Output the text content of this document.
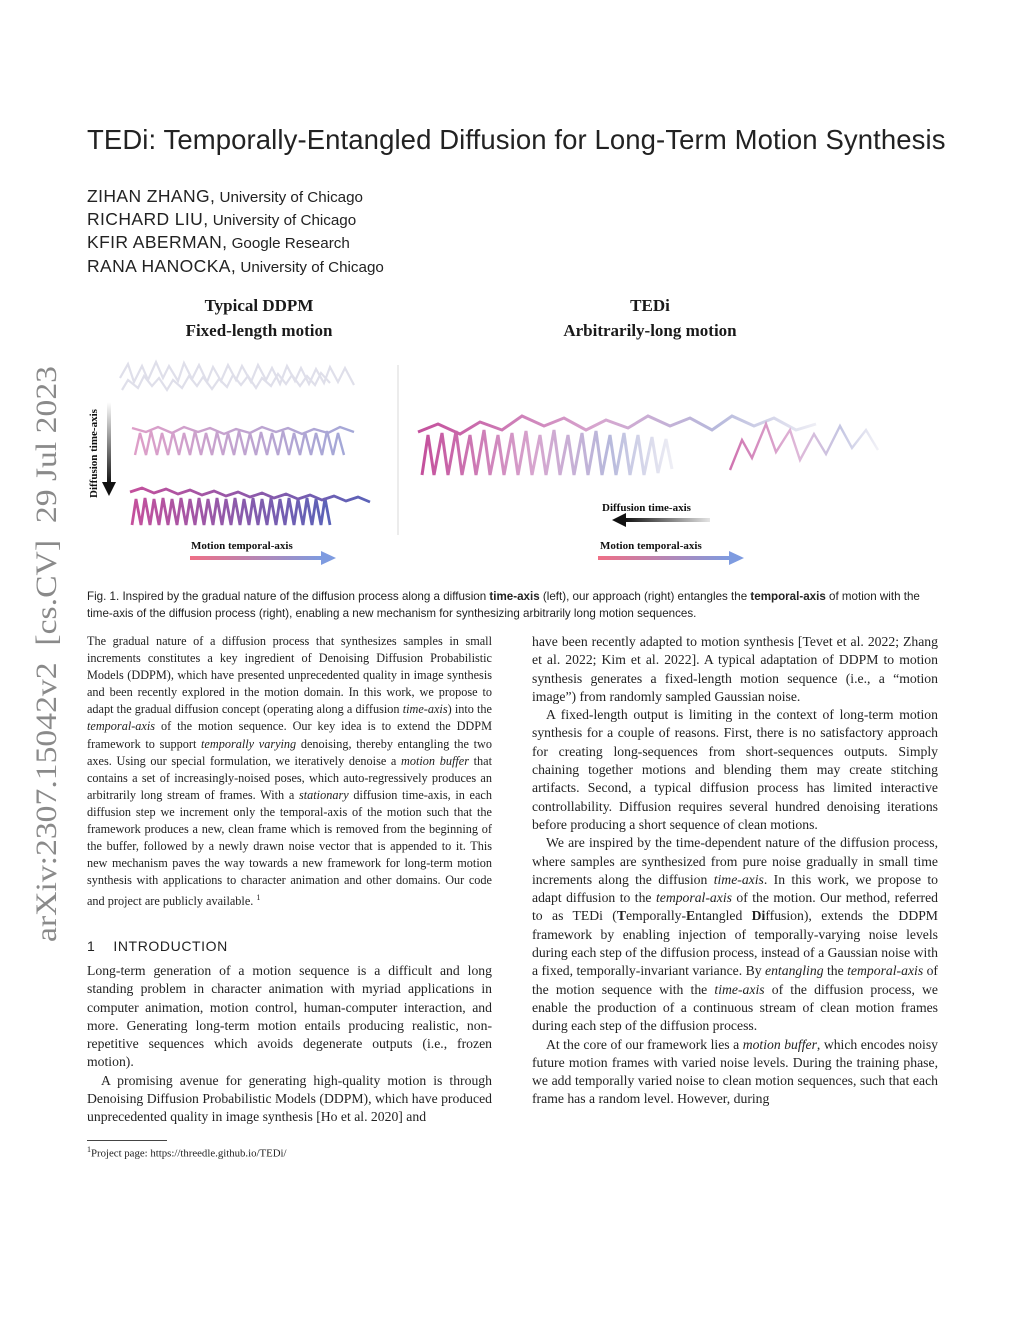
arXiv:2307.15042v2  [cs.CV]  29 Jul 2023
TEDi: Temporally-Entangled Diffusion for Long-Term Motion Synthesis
ZIHAN ZHANG, University of Chicago
RICHARD LIU, University of Chicago
KFIR ABERMAN, Google Research
RANA HANOCKA, University of Chicago
Typical DDPM
Fixed-length motion
TEDi
Arbitrarily-long motion
Diffusion time-axis
Diffusion time-axis
Motion temporal-axis	Motion temporal-axis
Fig. 1. Inspired by the gradual nature of the diffusion process along a diffusion time-axis (left), our approach (right) entangles the temporal-axis of motion with the time-axis of the diffusion process (right), enabling a new mechanism for synthesizing arbitrarily long motion sequences.
The gradual nature of a diffusion process that synthesizes samples in small increments constitutes a key ingredient of Denoising Diffusion Probabilistic Models (DDPM), which have presented unprecedented quality in image synthesis and been recently explored in the motion domain. In this work, we propose to adapt the gradual diffusion concept (operating along a diffusion time-axis) into the temporal-axis of the motion sequence. Our key idea is to extend the DDPM framework to support temporally varying denoising, thereby entangling the two axes. Using our special formulation, we iteratively denoise a motion buffer that contains a set of increasingly-noised poses, which auto-regressively produces an arbitrarily long stream of frames. With a stationary diffusion time-axis, in each diffusion step we increment only the temporal-axis of the motion such that the framework produces a new, clean frame which is removed from the beginning of the buffer, followed by a newly drawn noise vector that is appended to it. This new mechanism paves the way towards a new framework for long-term motion synthesis with applications to character animation and other domains. Our code and project are publicly available. $^1$
1    INTRODUCTION

Long-term generation of a motion sequence is a difficult and long standing problem in character animation with myriad applications in computer animation, motion control, human-computer interaction, and more. Generating long-term motion entails producing realistic, non-repetitive sequences which avoids degenerate outputs (i.e., frozen motion).

A promising avenue for generating high-quality motion is through Denoising Diffusion Probabilistic Models (DDPM), which have produced unprecedented quality in image synthesis [Ho et al. 2020] and

$^1$Project page: https://threedle.github.io/TEDi/

have been recently adapted to motion synthesis [Tevet et al. 2022; Zhang et al. 2022; Kim et al. 2022]. A typical adaptation of DDPM to motion synthesis generates a fixed-length motion sequence (i.e., a “motion image”) from randomly sampled Gaussian noise.

A fixed-length output is limiting in the context of long-term motion synthesis for a couple of reasons. First, there is no satisfactory approach for creating long-sequences from short-sequences outputs. Simply chaining together motions and blending them may create stitching artifacts. Second, a typical diffusion process has limited interactive controllability. Diffusion requires several hundred denoising iterations before producing a short sequence of clean motions.

We are inspired by the time-dependent nature of the diffusion process, where samples are synthesized from pure noise gradually in small time increments along the diffusion time-axis. In this work, we propose to adapt diffusion to the temporal-axis of the motion. Our method, referred to as TEDi (Temporally-Entangled Diffusion), extends the DDPM framework by enabling injection of temporally-varying noise levels during each step of the diffusion process, instead of a Gaussian noise with a fixed, temporally-invariant variance. By entangling the temporal-axis of the motion sequence with the time-axis of the diffusion process, we enable the production of a continuous stream of clean motion frames during each step of the diffusion process.

At the core of our framework lies a motion buffer, which encodes noisy future motion frames with varied noise levels. During the training phase, we add temporally varied noise to clean motion sequences, such that each frame has a random level. However, during
